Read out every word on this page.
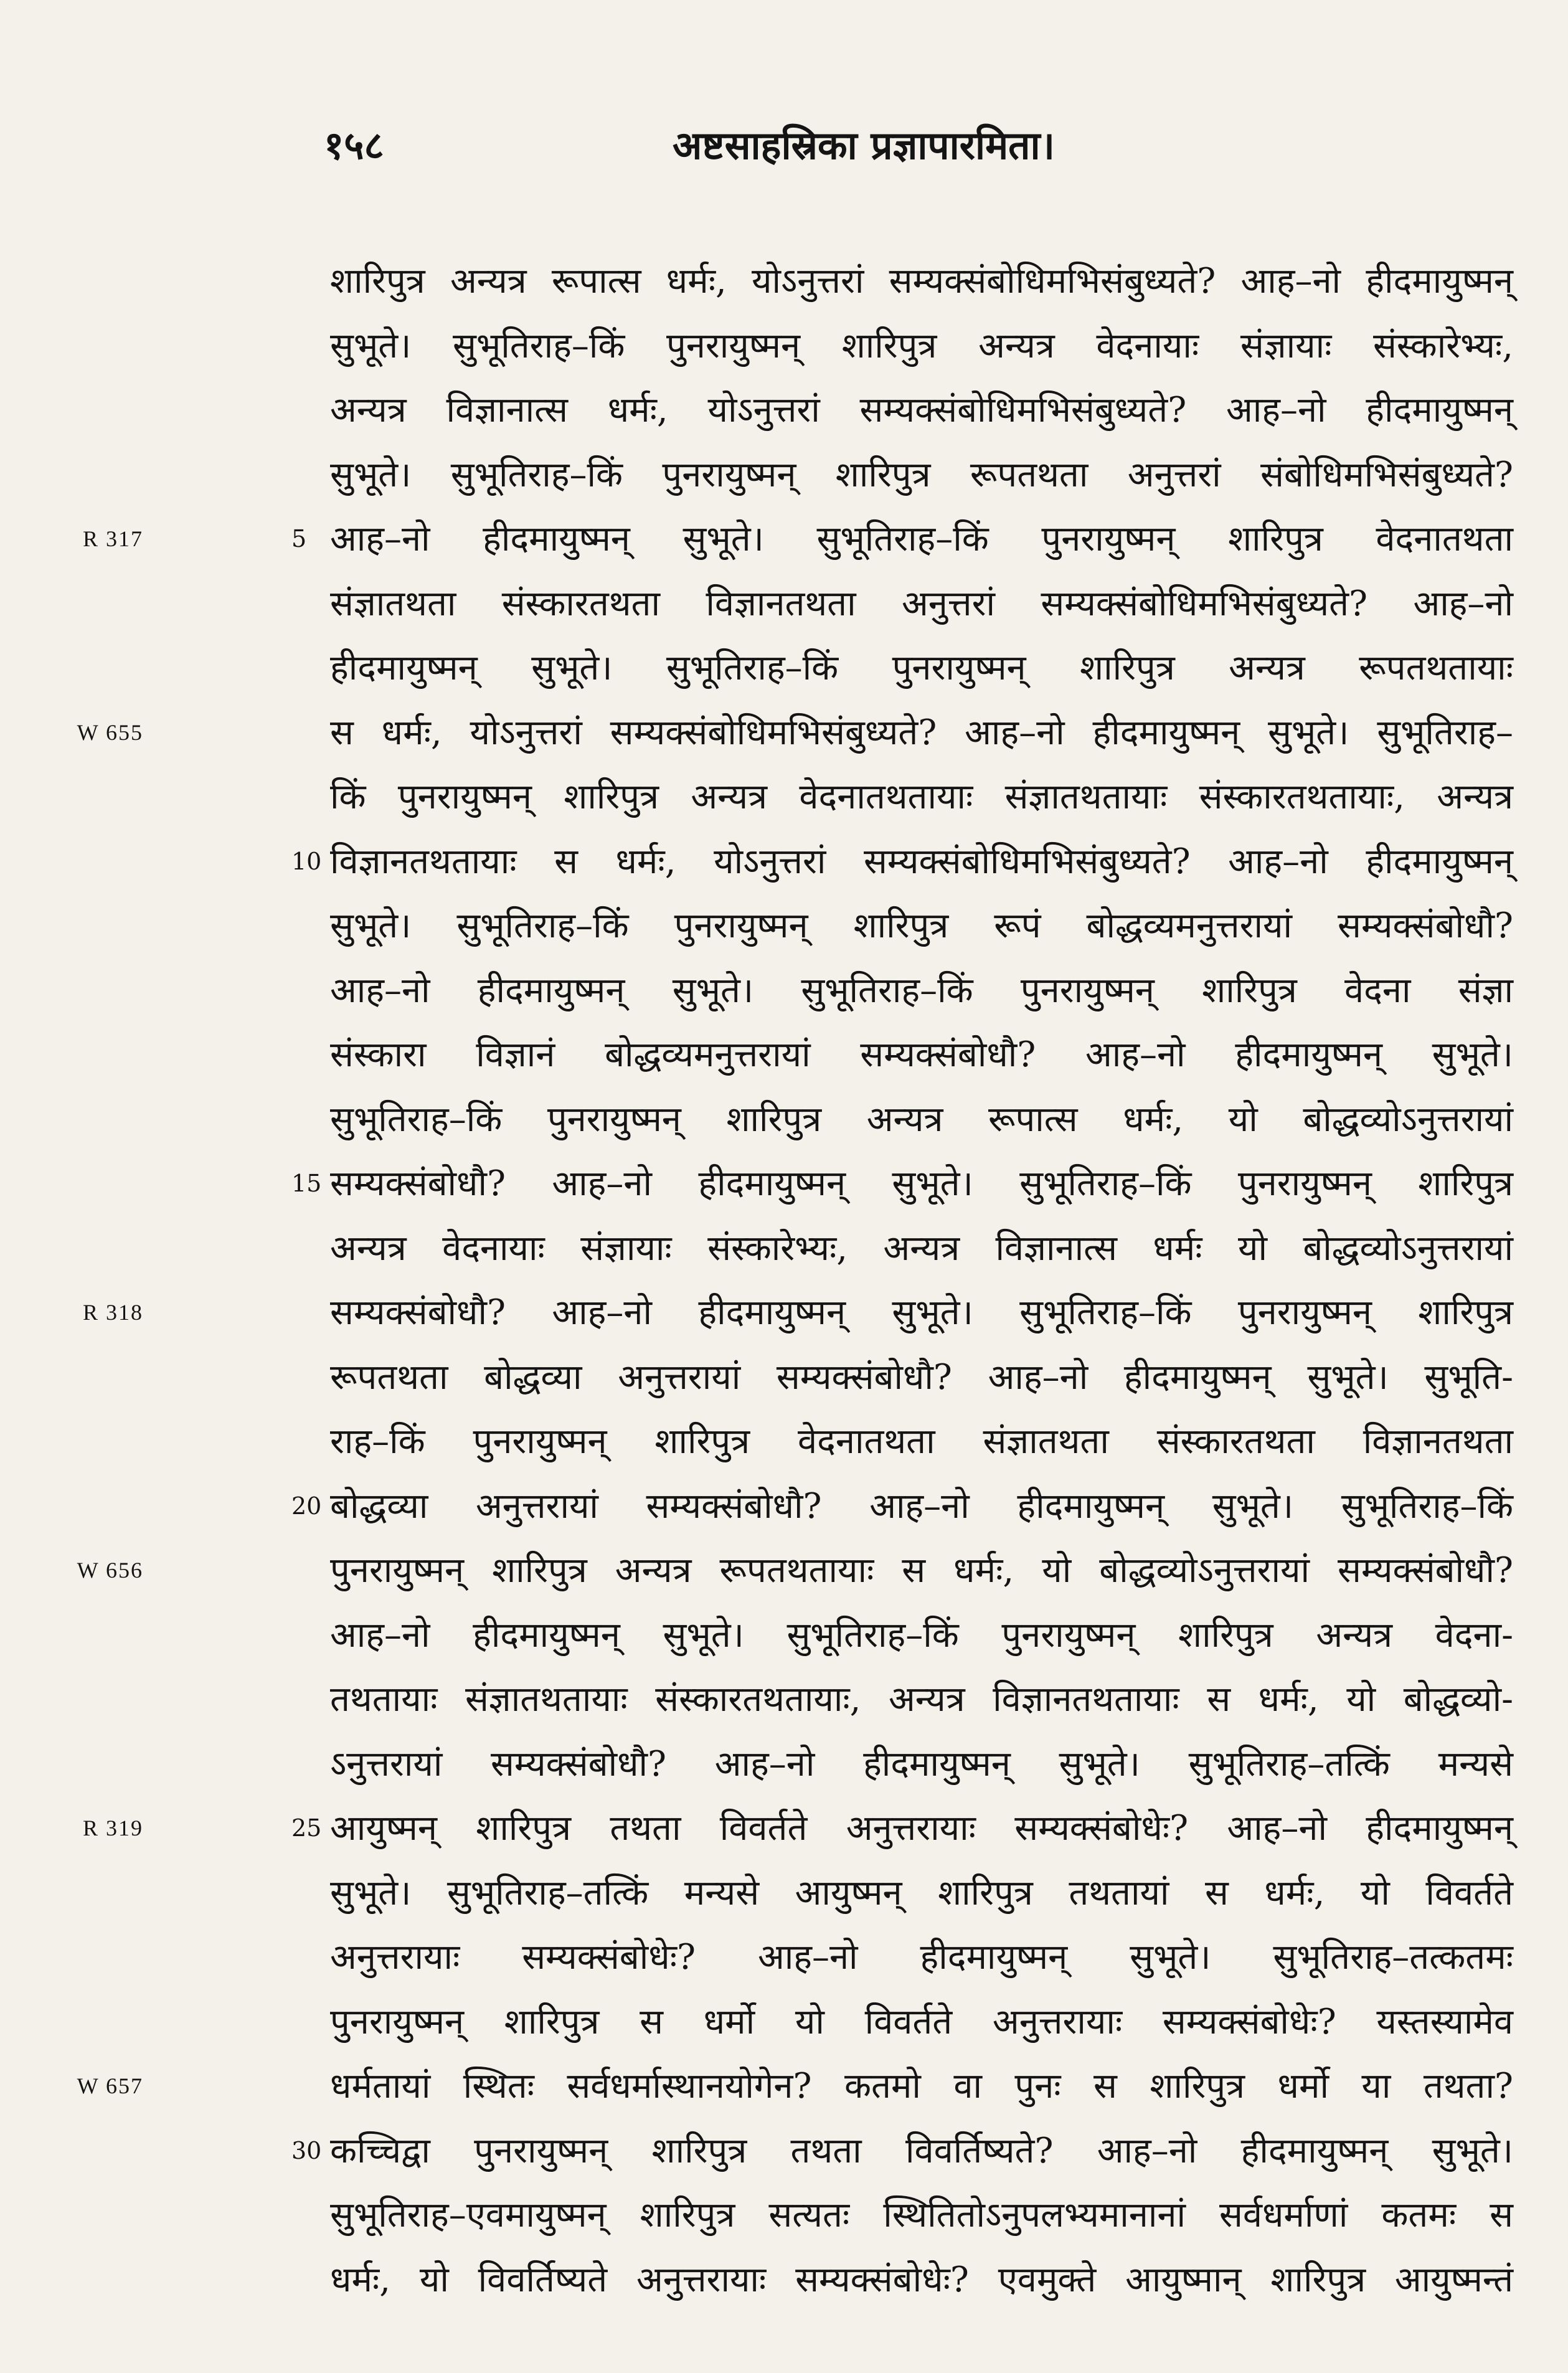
१५८	अष्टसाहस्रिका प्रज्ञापारमिता।
R 317
W 655
R 318
W 656
R 319
W 657
शारिपुत्र अन्यत्र रूपात्स धर्मः, योऽनुत्तरां सम्यक्संबोधिमभिसंबुध्यते? आह–नो हीदमायुष्मन्
सुभूते। सुभूतिराह–किं पुनरायुष्मन् शारिपुत्र अन्यत्र वेदनायाः संज्ञायाः संस्कारेभ्यः,
अन्यत्र विज्ञानात्स धर्मः, योऽनुत्तरां सम्यक्संबोधिमभिसंबुध्यते? आह–नो हीदमायुष्मन्
सुभूते। सुभूतिराह–किं पुनरायुष्मन् शारिपुत्र रूपतथता अनुत्तरां संबोधिमभिसंबुध्यते?
5 आह–नो हीदमायुष्मन् सुभूते। सुभूतिराह–किं पुनरायुष्मन् शारिपुत्र वेदनातथता
संज्ञातथता संस्कारतथता विज्ञानतथता अनुत्तरां सम्यक्संबोधिमभिसंबुध्यते? आह–नो
हीदमायुष्मन् सुभूते। सुभूतिराह–किं पुनरायुष्मन् शारिपुत्र अन्यत्र रूपतथतायाः
स धर्मः, योऽनुत्तरां सम्यक्संबोधिमभिसंबुध्यते? आह–नो हीदमायुष्मन् सुभूते। सुभूतिराह–
किं पुनरायुष्मन् शारिपुत्र अन्यत्र वेदनातथतायाः संज्ञातथतायाः संस्कारतथतायाः, अन्यत्र
10 विज्ञानतथतायाः स धर्मः, योऽनुत्तरां सम्यक्संबोधिमभिसंबुध्यते? आह–नो हीदमायुष्मन्
सुभूते। सुभूतिराह–किं पुनरायुष्मन् शारिपुत्र रूपं बोद्धव्यमनुत्तरायां सम्यक्संबोधौ?
आह–नो हीदमायुष्मन् सुभूते। सुभूतिराह–किं पुनरायुष्मन् शारिपुत्र वेदना संज्ञा
संस्कारा विज्ञानं बोद्धव्यमनुत्तरायां सम्यक्संबोधौ? आह–नो हीदमायुष्मन् सुभूते।
सुभूतिराह–किं पुनरायुष्मन् शारिपुत्र अन्यत्र रूपात्स धर्मः, यो बोद्धव्योऽनुत्तरायां
15 सम्यक्संबोधौ? आह–नो हीदमायुष्मन् सुभूते। सुभूतिराह–किं पुनरायुष्मन् शारिपुत्र
अन्यत्र वेदनायाः संज्ञायाः संस्कारेभ्यः, अन्यत्र विज्ञानात्स धर्मः यो बोद्धव्योऽनुत्तरायां
सम्यक्संबोधौ? आह–नो हीदमायुष्मन् सुभूते। सुभूतिराह–किं पुनरायुष्मन् शारिपुत्र
रूपतथता बोद्धव्या अनुत्तरायां सम्यक्संबोधौ? आह–नो हीदमायुष्मन् सुभूते। सुभूति-
राह–किं पुनरायुष्मन् शारिपुत्र वेदनातथता संज्ञातथता संस्कारतथता विज्ञानतथता
20 बोद्धव्या अनुत्तरायां सम्यक्संबोधौ? आह–नो हीदमायुष्मन् सुभूते। सुभूतिराह–किं
पुनरायुष्मन् शारिपुत्र अन्यत्र रूपतथतायाः स धर्मः, यो बोद्धव्योऽनुत्तरायां सम्यक्संबोधौ?
आह–नो हीदमायुष्मन् सुभूते। सुभूतिराह–किं पुनरायुष्मन् शारिपुत्र अन्यत्र वेदना-
तथतायाः संज्ञातथतायाः संस्कारतथतायाः, अन्यत्र विज्ञानतथतायाः स धर्मः, यो बोद्धव्यो-
ऽनुत्तरायां सम्यक्संबोधौ? आह–नो हीदमायुष्मन् सुभूते। सुभूतिराह–तत्किं मन्यसे
25 आयुष्मन् शारिपुत्र तथता विवर्तते अनुत्तरायाः सम्यक्संबोधेः? आह–नो हीदमायुष्मन्
सुभूते। सुभूतिराह–तत्किं मन्यसे आयुष्मन् शारिपुत्र तथतायां स धर्मः, यो विवर्तते
अनुत्तरायाः सम्यक्संबोधेः? आह–नो हीदमायुष्मन् सुभूते। सुभूतिराह–तत्कतमः
पुनरायुष्मन् शारिपुत्र स धर्मो यो विवर्तते अनुत्तरायाः सम्यक्संबोधेः? यस्तस्यामेव
धर्मतायां स्थितः सर्वधर्मास्थानयोगेन? कतमो वा पुनः स शारिपुत्र धर्मो या तथता?
30 कच्चिद्वा पुनरायुष्मन् शारिपुत्र तथता विवर्तिष्यते? आह–नो हीदमायुष्मन् सुभूते।
सुभूतिराह–एवमायुष्मन् शारिपुत्र सत्यतः स्थितितोऽनुपलभ्यमानानां सर्वधर्माणां कतमः स
धर्मः, यो विवर्तिष्यते अनुत्तरायाः सम्यक्संबोधेः? एवमुक्ते आयुष्मान् शारिपुत्र आयुष्मन्तं
